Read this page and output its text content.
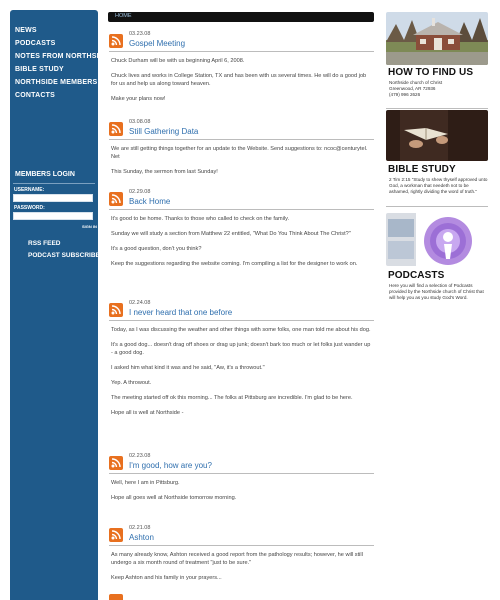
NEWS
PODCASTS
NOTES FROM NORTHSIDE
BIBLE STUDY
NORTHSIDE MEMBERS
CONTACTS
MEMBERS LOGIN
USERNAME:
PASSWORD:
SIGN IN
RSS FEED
PODCAST SUBSCRIBE
HOME
03.23.08
Gospel Meeting

Chuck Durham will be with us beginning April 6, 2008.

Chuck lives and works in College Station, TX and has been with us several times. He will do a good job for us and help us along toward heaven.

Make your plans now!

03.08.08
Still Gathering Data

We are still getting things together for an update to the Website. Send suggestions to: ncoc@centurytel. Net

This Sunday, the sermon from last Sunday!

02.29.08
Back Home

It's good to be home. Thanks to those who called to check on the family.

Sunday we will study a section from Matthew 22 entitled, "What Do You Think About The Christ?"

It's a good question, don't you think?

Keep the suggestions regarding the website coming. I'm compiling a list for the designer to work on.

02.24.08
I never heard that one before

Today, as I was discussing the weather and other things with some folks, one man told me about his dog.

It's a good dog... doesn't drag off shoes or drag up junk; doesn't bark too much or let folks just wander up - a good dog.

I asked him what kind it was and he said, "Aw, it's a throwout."

Yep. A throwout.

The meeting started off ok this morning... The folks at Pittsburg are incredible. I'm glad to be here.

Hope all is well at Northside -

02.23.08
I'm good, how are you?

Well, here I am in Pittsburg.

Hope all goes well at Northside tomorrow morning.

02.21.08
Ashton

As many already know, Ashton received a good report from the pathology results; however, he will still undergo a six month round of treatment "just to be sure."

Keep Ashton and his family in your prayers...

HOW TO FIND US
Northside church of Christ
Greenwood, AR 72936
(479) 996 2626
BIBLE STUDY
2 Tim 2:15 "Study to shew thyself approved unto God, a workman that needeth not to be ashamed, rightly dividing the word of truth."
PODCASTS
Here you will find a selection of Podcasts provided by the Northside church of Christ that will help you as you study God's Word.
